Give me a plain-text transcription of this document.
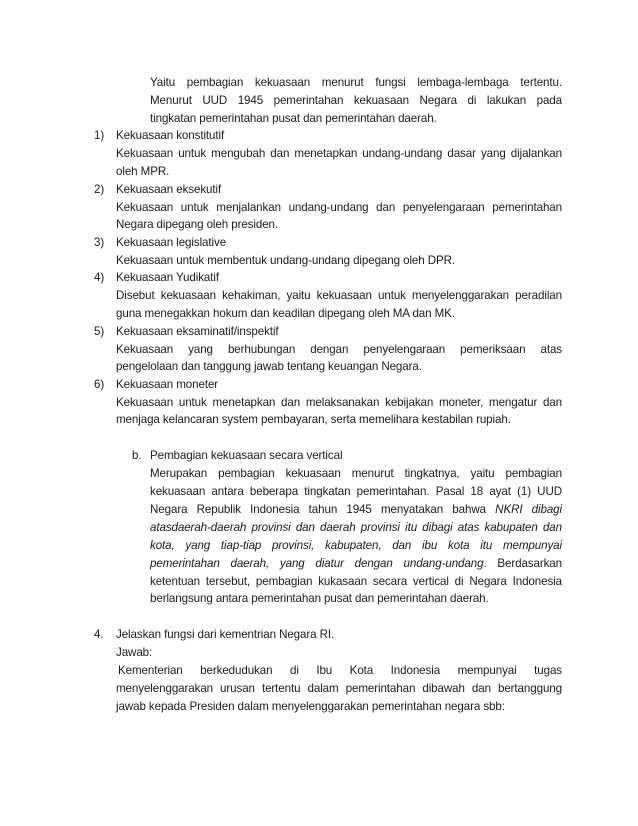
Yaitu pembagian kekuasaan menurut fungsi lembaga-lembaga tertentu.
Menurut UUD 1945 pemerintahan kekuasaan Negara di lakukan pada
tingkatan pemerintahan pusat dan pemerintahan daerah.
1) Kekuasaan konstitutif
Kekuasaan untuk mengubah dan menetapkan undang-undang dasar yang dijalankan
oleh MPR.
2) Kekuasaan eksekutif
Kekuasaan untuk menjalankan undang-undang dan penyelengaraan pemerintahan
Negara dipegang oleh presiden.
3) Kekuasaan legislative
Kekuasaan untuk membentuk undang-undang dipegang oleh DPR.
4) Kekuasaan Yudikatif
Disebut kekuasaan kehakiman, yaitu kekuasaan untuk menyelenggarakan peradilan
guna menegakkan hokum dan keadilan dipegang oleh MA dan MK.
5) Kekuasaan eksaminatif/inspektif
Kekuasaan yang berhubungan dengan penyelengaraan pemeriksaan atas
pengelolaan dan tanggung jawab tentang keuangan Negara.
6) Kekuasaan moneter
Kekuasaan untuk menetapkan dan melaksanakan kebijakan moneter, mengatur dan
menjaga kelancaran system pembayaran, serta memelihara kestabilan rupiah.
b. Pembagian kekuasaan secara vertical
Merupakan pembagian kekuasaan menurut tingkatnya, yaitu pembagian
kekuasaan antara beberapa tingkatan pemerintahan. Pasal 18 ayat (1) UUD
Negara Republik Indonesia tahun 1945 menyatakan bahwa NKRI dibagi
atasdaerah-daerah provinsi dan daerah provinsi itu dibagi atas kabupaten dan
kota, yang tiap-tiap provinsi, kabupaten, dan ibu kota itu mempunyai
pemerintahan daerah, yang diatur dengan undang-undang. Berdasarkan
ketentuan tersebut, pembagian kukasaan secara vertical di Negara Indonesia
berlangsung antara pemerintahan pusat dan pemerintahan daerah.
4. Jelaskan fungsi dari kementrian Negara RI.
Jawab:
Kementerian berkedudukan di Ibu Kota Indonesia mempunyai tugas
menyelenggarakan urusan tertentu dalam pemerintahan dibawah dan bertanggung
jawab kepada Presiden dalam menyelenggarakan pemerintahan negara sbb:
